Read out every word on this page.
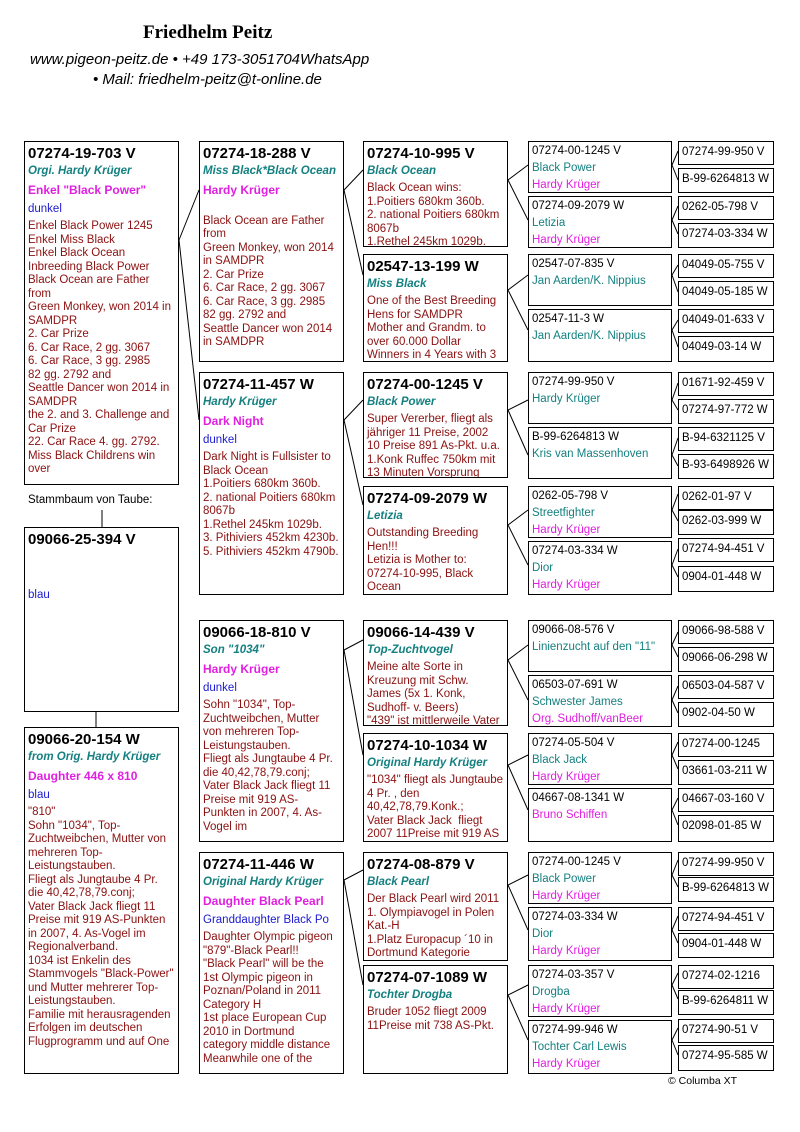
Friedhelm Peitz
www.pigeon-peitz.de • +49 173-3051704WhatsApp
• Mail: friedhelm-peitz@t-online.de
07274-19-703 V
Orgi. Hardy Krüger
Enkel "Black Power"
dunkel
Enkel Black Power 1245
Enkel Miss Black
Enkel Black Ocean
Inbreeding Black Power
Black Ocean are Father from
Green Monkey, won 2014 in SAMDPR
2. Car Prize
6. Car Race, 2 gg. 3067
6. Car Race, 3 gg. 2985
82 gg. 2792 and
Seattle Dancer won 2014 in SAMDPR
the 2. and 3. Challenge and Car Prize
22. Car Race 4. gg. 2792.
Miss Black Childrens win over
Stammbaum von Taube:
09066-25-394 V
blau
09066-20-154 W
from Orig. Hardy Krüger
Daughter 446 x 810
blau
"810"
Sohn "1034", Top-Zuchtweibchen, Mutter von mehreren Top-Leistungstauben.
Fliegt als Jungtaube 4 Pr. die 40,42,78,79.conj;
Vater Black Jack fliegt 11 Preise mit 919 AS-Punkten in 2007, 4. As-Vogel im Regionalverband.
1034 ist Enkelin des Stammvogels "Black-Power" und Mutter mehrerer Top-Leistungstauben.
Familie mit herausragenden Erfolgen im deutschen Flugprogramm und auf One
07274-18-288 V
Miss Black*Black Ocean
Hardy Krüger

Black Ocean are Father from
Green Monkey, won 2014 in SAMDPR
2. Car Prize
6. Car Race, 2 gg. 3067
6. Car Race, 3 gg. 2985
82 gg. 2792 and
Seattle Dancer won 2014 in SAMDPR
07274-11-457 W
Hardy Krüger
Dark Night
dunkel
Dark Night is Fullsister to Black Ocean
1.Poitiers 680km 360b.
2. national Poitiers 680km 8067b
1.Rethel 245km 1029b.
3. Pithiviers 452km 4230b.
5. Pithiviers 452km 4790b.
09066-18-810 V
Son "1034"
Hardy Krüger
dunkel
Sohn "1034", Top-Zuchtweibchen, Mutter von mehreren Top-Leistungstauben.
Fliegt als Jungtaube 4 Pr. die 40,42,78,79.conj;
Vater Black Jack fliegt 11 Preise mit 919 AS-Punkten in 2007, 4. As-Vogel im
07274-11-446 W
Original Hardy Krüger
Daughter Black Pearl
Granddaughter Black Po
Daughter Olympic pigeon "879"-Black Pearl!!
"Black Pearl" will be the 1st Olympic pigeon in Poznan/Poland in 2011 Category H
1st place European Cup 2010 in Dortmund category middle distance
Meanwhile one of the
07274-10-995 V
Black Ocean
Black Ocean wins:
1.Poitiers 680km 360b.
2. national Poitiers 680km 8067b
1.Rethel 245km 1029b.
02547-13-199 W
Miss Black
One of the Best Breeding Hens for SAMDPR
Mother and Grandm. to over 60.000 Dollar
Winners in 4 Years with 3
07274-00-1245 V
Black Power
Super Vererber, fliegt als jähriger 11 Preise, 2002
10 Preise 891 As-Pkt. u.a.
1.Konk Ruffec 750km mit
13 Minuten Vorsprung
07274-09-2079 W
Letizia
Outstanding Breeding Hen!!!
Letizia is Mother to:
07274-10-995, Black Ocean
09066-14-439 V
Top-Zuchtvogel
Meine alte Sorte in Kreuzung mit Schw. James (5x 1. Konk, Sudhoff- v. Beers)
"439" ist mittlerweile Vater
07274-10-1034 W
Original Hardy Krüger
"1034" fliegt als Jungtaube 4 Pr. , den 40,42,78,79.Konk.;
Vater Black Jack  fliegt
2007 11Preise mit 919 AS
07274-08-879 V
Black Pearl
Der Black Pearl wird 2011
1. Olympiavogel in Polen Kat.-H
1.Platz Europacup ´10 in Dortmund Kategorie
07274-07-1089 W
Tochter Drogba
Bruder 1052 fliegt 2009
11Preise mit 738 AS-Pkt.
07274-00-1245 V
Black Power
Hardy Krüger
07274-09-2079 W
Letizia
Hardy Krüger
02547-07-835 V
Jan Aarden/K. Nippius
02547-11-3 W
Jan Aarden/K. Nippius
07274-99-950 V
Hardy Krüger
B-99-6264813 W
Kris van Massenhoven
0262-05-798 V
Streetfighter
Hardy Krüger
07274-03-334 W
Dior
Hardy Krüger
09066-08-576 V
Linienzucht auf den "11"
06503-07-691 W
Schwester James
Org. Sudhoff/vanBeer
07274-05-504 V
Black Jack
Hardy Krüger
04667-08-1341 W
Bruno Schiffen
07274-00-1245 V
Black Power
Hardy Krüger
07274-03-334 W
Dior
Hardy Krüger
07274-03-357 V
Drogba
Hardy Krüger
07274-99-946 W
Tochter Carl Lewis
Hardy Krüger
07274-99-950 V
B-99-6264813 W
0262-05-798 V
07274-03-334 W
04049-05-755 V
04049-05-185 W
04049-01-633 V
04049-03-14 W
01671-92-459 V
07274-97-772 W
B-94-6321125 V
B-93-6498926 W
0262-01-97 V
0262-03-999 W
07274-94-451 V
0904-01-448 W
09066-98-588 V
09066-06-298 W
06503-04-587 V
0902-04-50 W
07274-00-1245
03661-03-211 W
04667-03-160 V
02098-01-85 W
07274-99-950 V
B-99-6264813 W
07274-94-451 V
0904-01-448 W
07274-02-1216
B-99-6264811 W
07274-90-51 V
07274-95-585 W
© Columba XT
